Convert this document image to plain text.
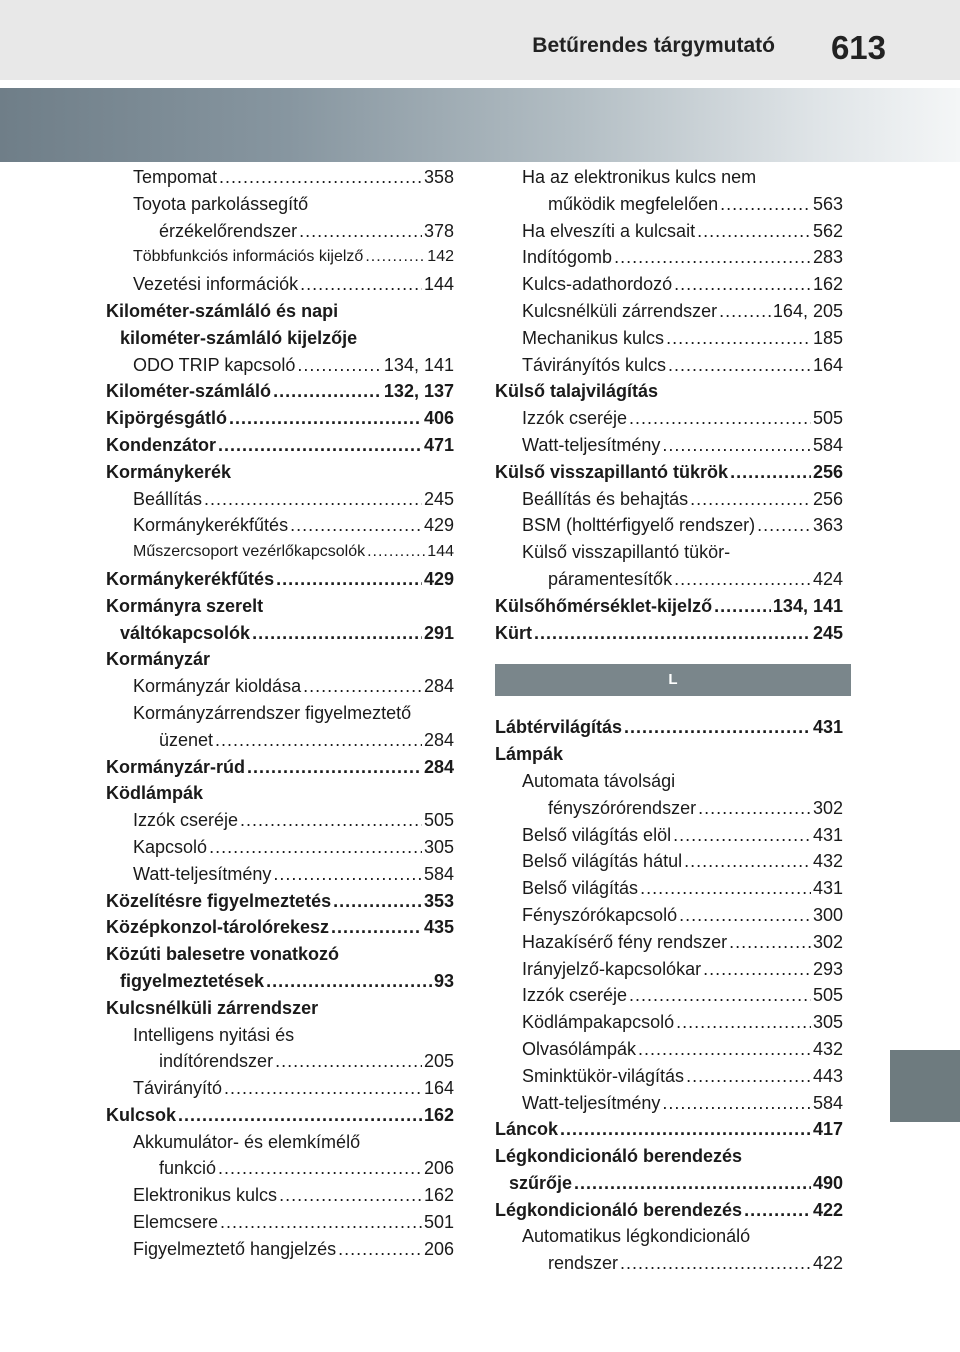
Betűrendes tárgymutató 613
Tempomat .....	358
Toyota parkolássegítő
érzékelőrendszer .....	378
Többfunkciós információs kijelző .....	142
Vezetési információk .....	144
Kilométer-számláló és napi
kilométer-számláló kijelzője
ODO TRIP kapcsoló .....	134, 141
Kilométer-számláló .....	132, 137
Kipörgésgátló .....	406
Kondenzátor .....	471
Kormánykerék
Beállítás .....	245
Kormánykerékfűtés .....	429
Műszercsoport vezérlőkapcsolók .....	144
Kormánykerékfűtés .....	429
Kormányra szerelt
váltókapcsolók .....	291
Kormányzár
Kormányzár kioldása .....	284
Kormányzárrendszer figyelmeztető
üzenet .....	284
Kormányzár-rúd .....	284
Ködlámpák
Izzók cseréje .....	505
Kapcsoló .....	305
Watt-teljesítmény .....	584
Közelítésre figyelmeztetés .....	353
Középkonzol-tárolórekesz .....	435
Közúti balesetre vonatkozó
figyelmeztetések .....	93
Kulcsnélküli zárrendszer
Intelligens nyitási és
indítórendszer .....	205
Távirányító .....	164
Kulcsok .....	162
Akkumulátor- és elemkímélő
funkció .....	206
Elektronikus kulcs .....	162
Elemcsere .....	501
Figyelmeztető hangjelzés .....	206
Ha az elektronikus kulcs nem
működik megfelelően .....	563
Ha elveszíti a kulcsait .....	562
Indítógomb .....	283
Kulcs-adathordozó .....	162
Kulcsnélküli zárrendszer .....	164, 205
Mechanikus kulcs .....	185
Távirányítós kulcs .....	164
Külső talajvilágítás
Izzók cseréje .....	505
Watt-teljesítmény .....	584
Külső visszapillantó tükrök .....	256
Beállítás és behajtás .....	256
BSM (holttérfigyelő rendszer) .....	363
Külső visszapillantó tükör-
páramentesítők .....	424
Külsőhőmérséklet-kijelző .....	134, 141
Kürt .....	245
L
Lábtérvilágítás .....	431
Lámpák
Automata távolsági
fényszórórendszer .....	302
Belső világítás elöl .....	431
Belső világítás hátul .....	432
Belső világítás .....	431
Fényszórókapcsoló .....	300
Hazakísérő fény rendszer .....	302
Irányjelző-kapcsolókar .....	293
Izzók cseréje .....	505
Ködlámpakapcsoló .....	305
Olvasólámpák .....	432
Sminktükör-világítás .....	443
Watt-teljesítmény .....	584
Láncok .....	417
Légkondicionáló berendezés
szűrője .....	490
Légkondicionáló berendezés .....	422
Automatikus légkondicionáló
rendszer .....	422
